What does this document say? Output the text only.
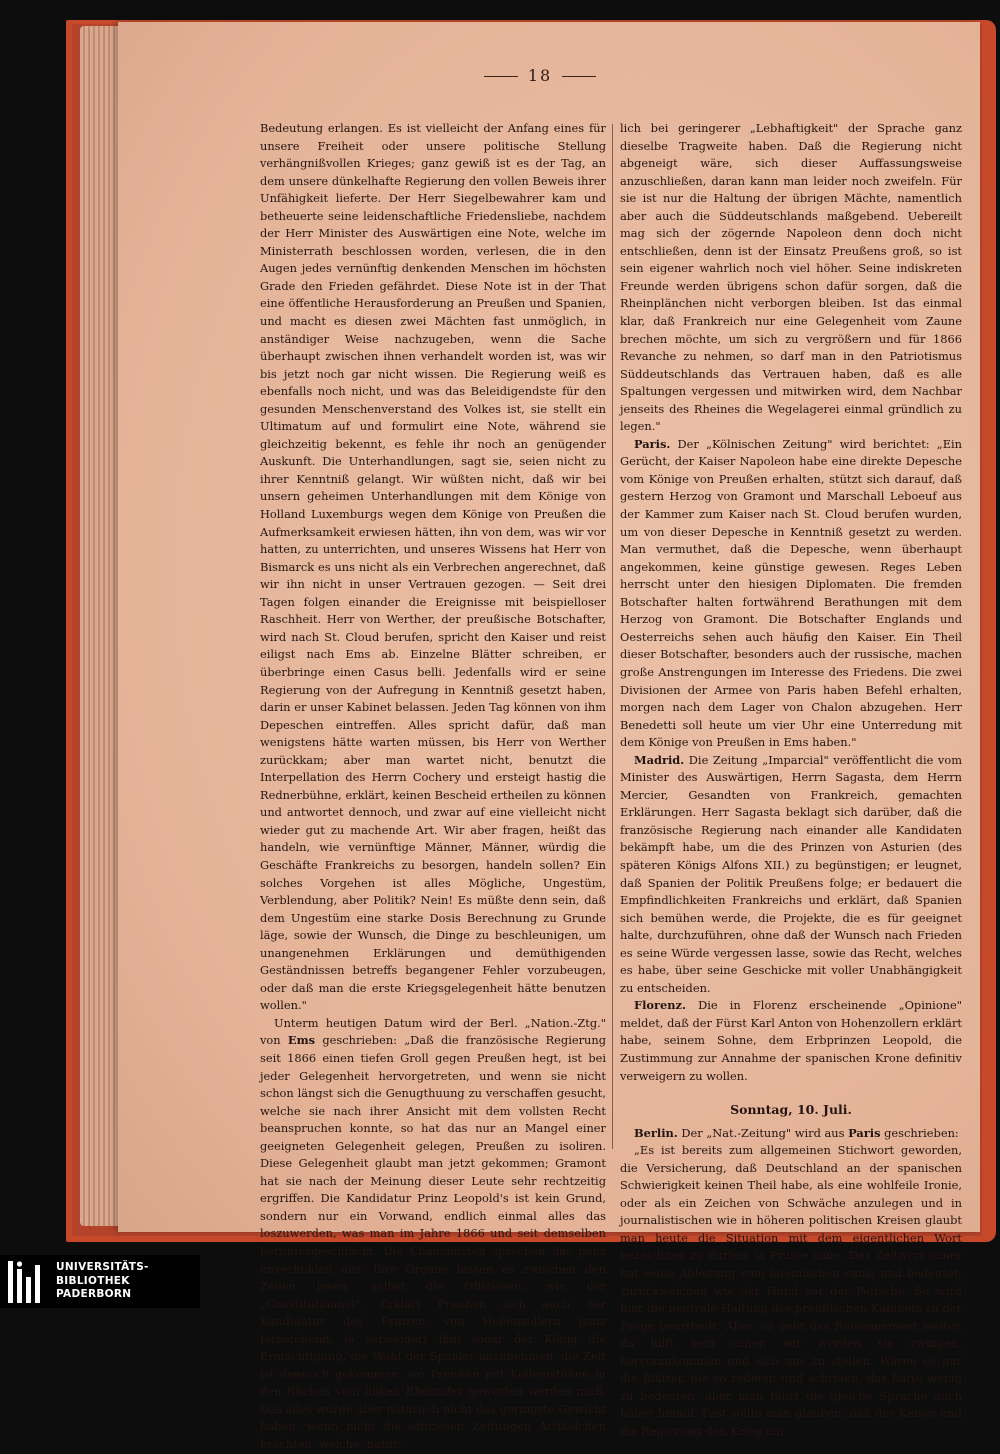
18

Bedeutung erlangen. Es ist vielleicht der Anfang eines für unsere Freiheit oder unsere politische Stellung verhängnißvollen Krieges; ganz gewiß ist es der Tag, an dem unsere dünkelhafte Regierung den vollen Beweis ihrer Unfähigkeit lieferte. Der Herr Siegelbewahrer kam und betheuerte seine leidenschaftliche Friedensliebe, nachdem der Herr Minister des Auswärtigen eine Note, welche im Ministerrath beschlossen worden, verlesen, die in den Augen jedes vernünftig denkenden Menschen im höchsten Grade den Frieden gefährdet. Diese Note ist in der That eine öffentliche Herausforderung an Preußen und Spanien, und macht es diesen zwei Mächten fast unmöglich, in anständiger Weise nachzugeben, wenn die Sache überhaupt zwischen ihnen verhandelt worden ist, was wir bis jetzt noch gar nicht wissen. Die Regierung weiß es ebenfalls noch nicht, und was das Beleidigendste für den gesunden Menschenverstand des Volkes ist, sie stellt ein Ultimatum auf und formulirt eine Note, während sie gleichzeitig bekennt, es fehle ihr noch an genügender Auskunft. Die Unterhandlungen, sagt sie, seien nicht zu ihrer Kenntniß gelangt. Wir wüßten nicht, daß wir bei unsern geheimen Unterhandlungen mit dem Könige von Holland Luxemburgs wegen dem Könige von Preußen die Aufmerksamkeit erwiesen hätten, ihn von dem, was wir vor hatten, zu unterrichten, und unseres Wissens hat Herr von Bismarck es uns nicht als ein Verbrechen angerechnet, daß wir ihn nicht in unser Vertrauen gezogen. — Seit drei Tagen folgen einander die Ereignisse mit beispielloser Raschheit. Herr von Werther, der preußische Botschafter, wird nach St. Cloud berufen, spricht den Kaiser und reist eiligst nach Ems ab. Einzelne Blätter schreiben, er überbringe einen Casus belli. Jedenfalls wird er seine Regierung von der Aufregung in Kenntniß gesetzt haben, darin er unser Kabinet belassen. Jeden Tag können von ihm Depeschen eintreffen. Alles spricht dafür, daß man wenigstens hätte warten müssen, bis Herr von Werther zurückkam; aber man wartet nicht, benutzt die Interpellation des Herrn Cochery und ersteigt hastig die Rednerbühne, erklärt, keinen Bescheid ertheilen zu können und antwortet dennoch, und zwar auf eine vielleicht nicht wieder gut zu machende Art. Wir aber fragen, heißt das handeln, wie vernünftige Männer, Männer, würdig die Geschäfte Frankreichs zu besorgen, handeln sollen? Ein solches Vorgehen ist alles Mögliche, Ungestüm, Verblendung, aber Politik? Nein! Es müßte denn sein, daß dem Ungestüm eine starke Dosis Berechnung zu Grunde läge, sowie der Wunsch, die Dinge zu beschleunigen, um unangenehmen Erklärungen und demüthigenden Geständnissen betreffs begangener Fehler vorzubeugen, oder daß man die erste Kriegsgelegenheit hätte benutzen wollen."

Unterm heutigen Datum wird der Berl. „Nation.-Ztg." von Ems geschrieben: „Daß die französische Regierung seit 1866 einen tiefen Groll gegen Preußen hegt, ist bei jeder Gelegenheit hervorgetreten, und wenn sie nicht schon längst sich die Genugthuung zu verschaffen gesucht, welche sie nach ihrer Ansicht mit dem vollsten Recht beanspruchen konnte, so hat das nur an Mangel einer geeigneten Gelegenheit gelegen, Preußen zu isoliren. Diese Gelegenheit glaubt man jetzt gekommen; Gramont hat sie nach der Meinung dieser Leute sehr rechtzeitig ergriffen. Die Kandidatur Prinz Leopold's ist kein Grund, sondern nur ein Vorwand, endlich einmal alles das loszuwerden, was man im Jahre 1866 und seit demselben heruntergeschluckt. Die Chauvinisten sprechen das ganz unverhohlen aus; ihre Organe lassen es zwischen den Zeilen lesen, selbst die Offiziösen, wie der „Constitutionnel". Erklärt Preußen sich auch der Kandidatur des Prinzen von Hohenzollern ganz fernstehend, ja verweigert ihm sogar der König die Ermächtigung, die Wahl der Spanier anzunehmen, die Zeit ist dennoch gekommen, wo Preußen mit Kolbenstößen in den Rücken vom linken Rheinufer geworfen werden muß. Das alles würde aber natürlich nicht das geringste Gewicht haben, wenn nicht die offiziösen Zeitungen Artikelchen brächten, welche, natür-

lich bei geringerer „Lebhaftigkeit" der Sprache ganz dieselbe Tragweite haben. Daß die Regierung nicht abgeneigt wäre, sich dieser Auffassungsweise anzuschließen, daran kann man leider noch zweifeln. Für sie ist nur die Haltung der übrigen Mächte, namentlich aber auch die Süddeutschlands maßgebend. Uebereilt mag sich der zögernde Napoleon denn doch nicht entschließen, denn ist der Einsatz Preußens groß, so ist sein eigener wahrlich noch viel höher. Seine indiskreten Freunde werden übrigens schon dafür sorgen, daß die Rheinplänchen nicht verborgen bleiben. Ist das einmal klar, daß Frankreich nur eine Gelegenheit vom Zaune brechen möchte, um sich zu vergrößern und für 1866 Revanche zu nehmen, so darf man in den Patriotismus Süddeutschlands das Vertrauen haben, daß es alle Spaltungen vergessen und mitwirken wird, dem Nachbar jenseits des Rheines die Wegelagerei einmal gründlich zu legen."

Paris. Der „Kölnischen Zeitung" wird berichtet: „Ein Gerücht, der Kaiser Napoleon habe eine direkte Depesche vom Könige von Preußen erhalten, stützt sich darauf, daß gestern Herzog von Gramont und Marschall Leboeuf aus der Kammer zum Kaiser nach St. Cloud berufen wurden, um von dieser Depesche in Kenntniß gesetzt zu werden. Man vermuthet, daß die Depesche, wenn überhaupt angekommen, keine günstige gewesen. Reges Leben herrscht unter den hiesigen Diplomaten. Die fremden Botschafter halten fortwährend Berathungen mit dem Herzog von Gramont. Die Botschafter Englands und Oesterreichs sehen auch häufig den Kaiser. Ein Theil dieser Botschafter, besonders auch der russische, machen große Anstrengungen im Interesse des Friedens. Die zwei Divisionen der Armee von Paris haben Befehl erhalten, morgen nach dem Lager von Chalon abzugehen. Herr Benedetti soll heute um vier Uhr eine Unterredung mit dem Könige von Preußen in Ems haben."

Madrid. Die Zeitung „Imparcial" veröffentlicht die vom Minister des Auswärtigen, Herrn Sagasta, dem Herrn Mercier, Gesandten von Frankreich, gemachten Erklärungen. Herr Sagasta beklagt sich darüber, daß die französische Regierung nach einander alle Kandidaten bekämpft habe, um die des Prinzen von Asturien (des späteren Königs Alfons XII.) zu begünstigen; er leugnet, daß Spanien der Politik Preußens folge; er bedauert die Empfindlichkeiten Frankreichs und erklärt, daß Spanien sich bemühen werde, die Projekte, die es für geeignet halte, durchzuführen, ohne daß der Wunsch nach Frieden es seine Würde vergessen lasse, sowie das Recht, welches es habe, über seine Geschicke mit voller Unabhängigkeit zu entscheiden.

Florenz. Die in Florenz erscheinende „Opinione" meldet, daß der Fürst Karl Anton von Hohenzollern erklärt habe, seinem Sohne, dem Erbprinzen Leopold, die Zustimmung zur Annahme der spanischen Krone definitiv verweigern zu wollen.

Sonntag, 10. Juli.

Berlin. Der „Nat.-Zeitung" wird aus Paris geschrieben:

„Es ist bereits zum allgemeinen Stichwort geworden, die Versicherung, daß Deutschland an der spanischen Schwierigkeit keinen Theil habe, als eine wohlfeile Ironie, oder als ein Zeichen von Schwäche anzulegen und in journalistischen wie in höheren politischen Kreisen glaubt man heute die Situation mit dem eigentlichen Wort bezeichnen zu dürfen: la Prusse cane. Das Zeitwort caner hat seine Ableitung vom lateinischen canis und bedeutet: zurückweichen wie der Hund vor der Peitsche. So wird hier die neutrale Haltung des preußischen Kabinets zu der Frage beurtheilt. Aber, so geht das Raisonnement weiter, da hilft kein caner, wir werden sie zwingen, hervorzukommen und sich uns zu stellen. Wären es nur die Blätter, die so redeten und schrieen, das hätte wenig zu bedeuten, aber man führt die gleiche Sprache auch höher hinauf. Fast sollte man glauben, daß der Kaiser und die Regierung den Krieg um

UNIVERSITÄTS-
BIBLIOTHEK
PADERBORN
